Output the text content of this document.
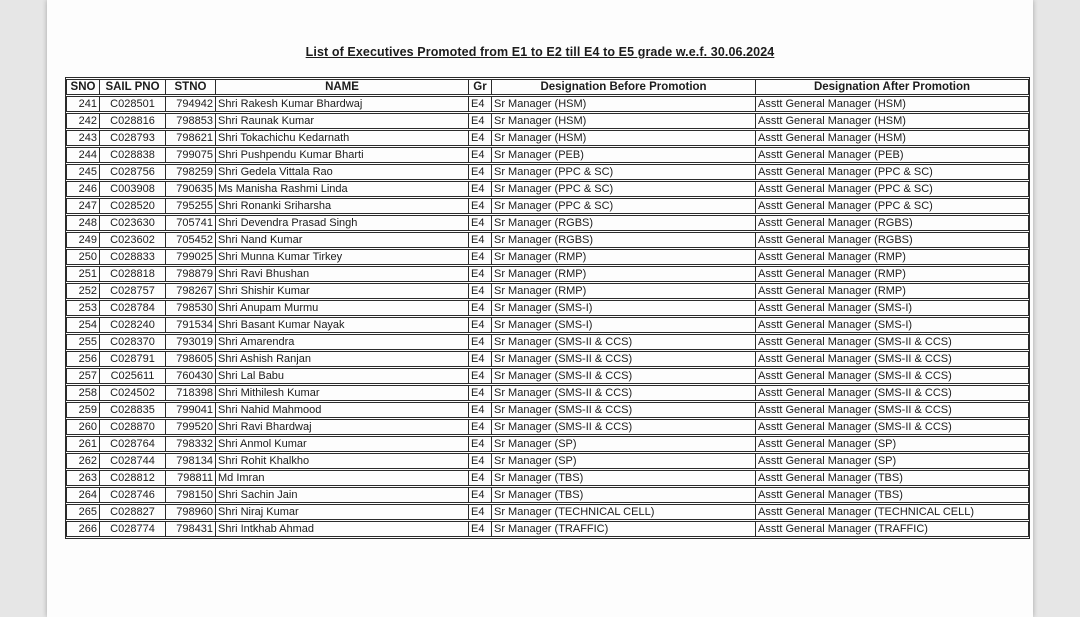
List of Executives Promoted from E1 to E2 till E4 to E5 grade w.e.f. 30.06.2024
SNO	SAIL PNO	STNO	NAME	Gr	Designation Before Promotion	Designation After Promotion
241	C028501	794942	Shri Rakesh Kumar Bhardwaj	E4	Sr Manager (HSM)	Asstt General Manager (HSM)
242	C028816	798853	Shri Raunak Kumar	E4	Sr Manager (HSM)	Asstt General Manager (HSM)
243	C028793	798621	Shri Tokachichu Kedarnath	E4	Sr Manager (HSM)	Asstt General Manager (HSM)
244	C028838	799075	Shri Pushpendu Kumar Bharti	E4	Sr Manager (PEB)	Asstt General Manager (PEB)
245	C028756	798259	Shri Gedela Vittala Rao	E4	Sr Manager (PPC & SC)	Asstt General Manager (PPC & SC)
246	C003908	790635	Ms Manisha Rashmi Linda	E4	Sr Manager (PPC & SC)	Asstt General Manager (PPC & SC)
247	C028520	795255	Shri Ronanki Sriharsha	E4	Sr Manager (PPC & SC)	Asstt General Manager (PPC & SC)
248	C023630	705741	Shri Devendra Prasad Singh	E4	Sr Manager (RGBS)	Asstt General Manager (RGBS)
249	C023602	705452	Shri Nand Kumar	E4	Sr Manager (RGBS)	Asstt General Manager (RGBS)
250	C028833	799025	Shri Munna Kumar Tirkey	E4	Sr Manager (RMP)	Asstt General Manager (RMP)
251	C028818	798879	Shri Ravi Bhushan	E4	Sr Manager (RMP)	Asstt General Manager (RMP)
252	C028757	798267	Shri Shishir Kumar	E4	Sr Manager (RMP)	Asstt General Manager (RMP)
253	C028784	798530	Shri Anupam Murmu	E4	Sr Manager (SMS-I)	Asstt General Manager (SMS-I)
254	C028240	791534	Shri Basant Kumar Nayak	E4	Sr Manager (SMS-I)	Asstt General Manager (SMS-I)
255	C028370	793019	Shri Amarendra	E4	Sr Manager (SMS-II & CCS)	Asstt General Manager (SMS-II & CCS)
256	C028791	798605	Shri Ashish Ranjan	E4	Sr Manager (SMS-II & CCS)	Asstt General Manager (SMS-II & CCS)
257	C025611	760430	Shri Lal Babu	E4	Sr Manager (SMS-II & CCS)	Asstt General Manager (SMS-II & CCS)
258	C024502	718398	Shri Mithilesh Kumar	E4	Sr Manager (SMS-II & CCS)	Asstt General Manager (SMS-II & CCS)
259	C028835	799041	Shri Nahid Mahmood	E4	Sr Manager (SMS-II & CCS)	Asstt General Manager (SMS-II & CCS)
260	C028870	799520	Shri Ravi Bhardwaj	E4	Sr Manager (SMS-II & CCS)	Asstt General Manager (SMS-II & CCS)
261	C028764	798332	Shri Anmol Kumar	E4	Sr Manager (SP)	Asstt General Manager (SP)
262	C028744	798134	Shri Rohit Khalkho	E4	Sr Manager (SP)	Asstt General Manager (SP)
263	C028812	798811	Md Imran	E4	Sr Manager (TBS)	Asstt General Manager (TBS)
264	C028746	798150	Shri Sachin Jain	E4	Sr Manager (TBS)	Asstt General Manager (TBS)
265	C028827	798960	Shri Niraj Kumar	E4	Sr Manager (TECHNICAL CELL)	Asstt General Manager (TECHNICAL CELL)
266	C028774	798431	Shri Intkhab Ahmad	E4	Sr Manager (TRAFFIC)	Asstt General Manager (TRAFFIC)
